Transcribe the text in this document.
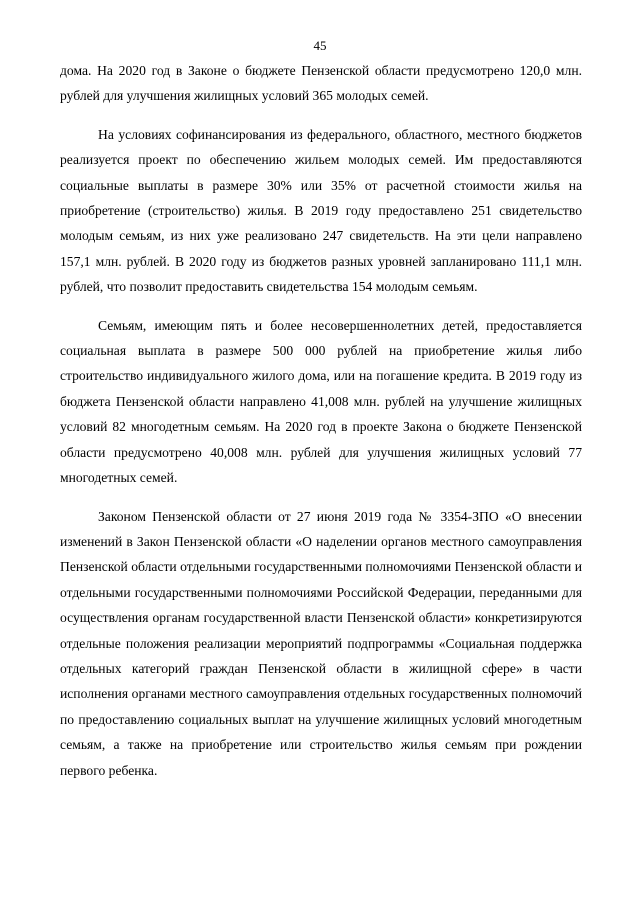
45

дома. На 2020 год в Законе о бюджете Пензенской области предусмотрено 120,0 млн. рублей для улучшения жилищных условий 365 молодых семей.

На условиях софинансирования из федерального, областного, местного бюджетов реализуется проект по обеспечению жильем молодых семей. Им предоставляются социальные выплаты в размере 30% или 35% от расчетной стоимости жилья на приобретение (строительство) жилья. В 2019 году предоставлено 251 свидетельство молодым семьям, из них уже реализовано 247 свидетельств. На эти цели направлено 157,1 млн. рублей. В 2020 году из бюджетов разных уровней запланировано 111,1 млн. рублей, что позволит предоставить свидетельства 154 молодым семьям.

Семьям, имеющим пять и более несовершеннолетних детей, предоставляется социальная выплата в размере 500 000 рублей на приобретение жилья либо строительство индивидуального жилого дома, или на погашение кредита. В 2019 году из бюджета Пензенской области направлено 41,008 млн. рублей на улучшение жилищных условий 82 многодетным семьям. На 2020 год в проекте Закона о бюджете Пензенской области предусмотрено 40,008 млн. рублей для улучшения жилищных условий 77 многодетных семей.

Законом Пензенской области от 27 июня 2019 года № 3354-ЗПО «О внесении изменений в Закон Пензенской области «О наделении органов местного самоуправления Пензенской области отдельными государственными полномочиями Пензенской области и отдельными государственными полномочиями Российской Федерации, переданными для осуществления органам государственной власти Пензенской области» конкретизируются отдельные положения реализации мероприятий подпрограммы «Социальная поддержка отдельных категорий граждан Пензенской области в жилищной сфере» в части исполнения органами местного самоуправления отдельных государственных полномочий по предоставлению социальных выплат на улучшение жилищных условий многодетным семьям, а также на приобретение или строительство жилья семьям при рождении первого ребенка.
